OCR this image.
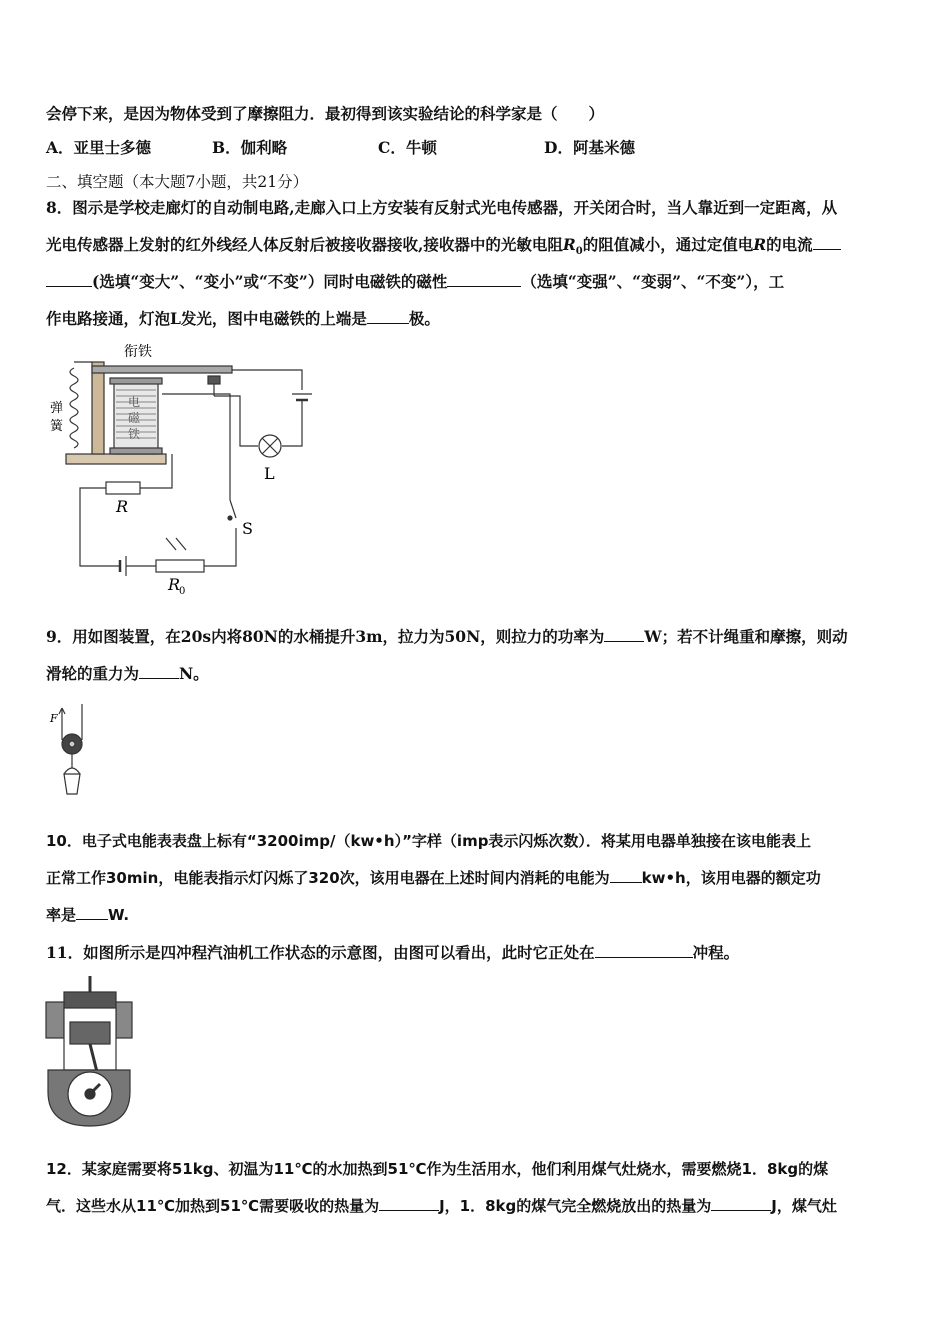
会停下来，是因为物体受到了摩擦阻力．最初得到该实验结论的科学家是（　　）
A．亚里士多德	B．伽利略	C．牛顿	D．阿基米德
二、填空题（本大题7小题，共21分）
8．图示是学校走廊灯的自动制电路,走廊入口上方安装有反射式光电传感器，开关闭合时，当人靠近到一定距离，从
光电传感器上发射的红外线经人体反射后被接收器接收,接收器中的光敏电阻$R_0$的阻值减小，通过定值电R的电流
(选填“变大”、“变小”或“不变”）同时电磁铁的磁性	（选填“变强”、“变弱”、“不变”），工
作电路接通，灯泡L发光，图中电磁铁的上端是	极。
衔铁
弹
簧
电
磁
铁
L
R
S
R
0
9．用如图装置，在20s内将80N的水桶提升3m，拉力为50N，则拉力的功率为	W；若不计绳重和摩擦，则动
滑轮的重力为	N。
F
10．电子式电能表表盘上标有“3200imp/（kw•h）”字样（imp表示闪烁次数）．将某用电器单独接在该电能表上
正常工作30min，电能表指示灯闪烁了320次，该用电器在上述时间内消耗的电能为 kw•h，该用电器的额定功
率是 W.
11．如图所示是四冲程汽油机工作状态的示意图，由图可以看出，此时它正处在	冲程。
12．某家庭需要将51kg、初温为11℃的水加热到51℃作为生活用水，他们利用煤气灶烧水，需要燃烧1．8kg的煤
气．这些水从11℃加热到51℃需要吸收的热量为	J，1．8kg的煤气完全燃烧放出的热量为	J，煤气灶
